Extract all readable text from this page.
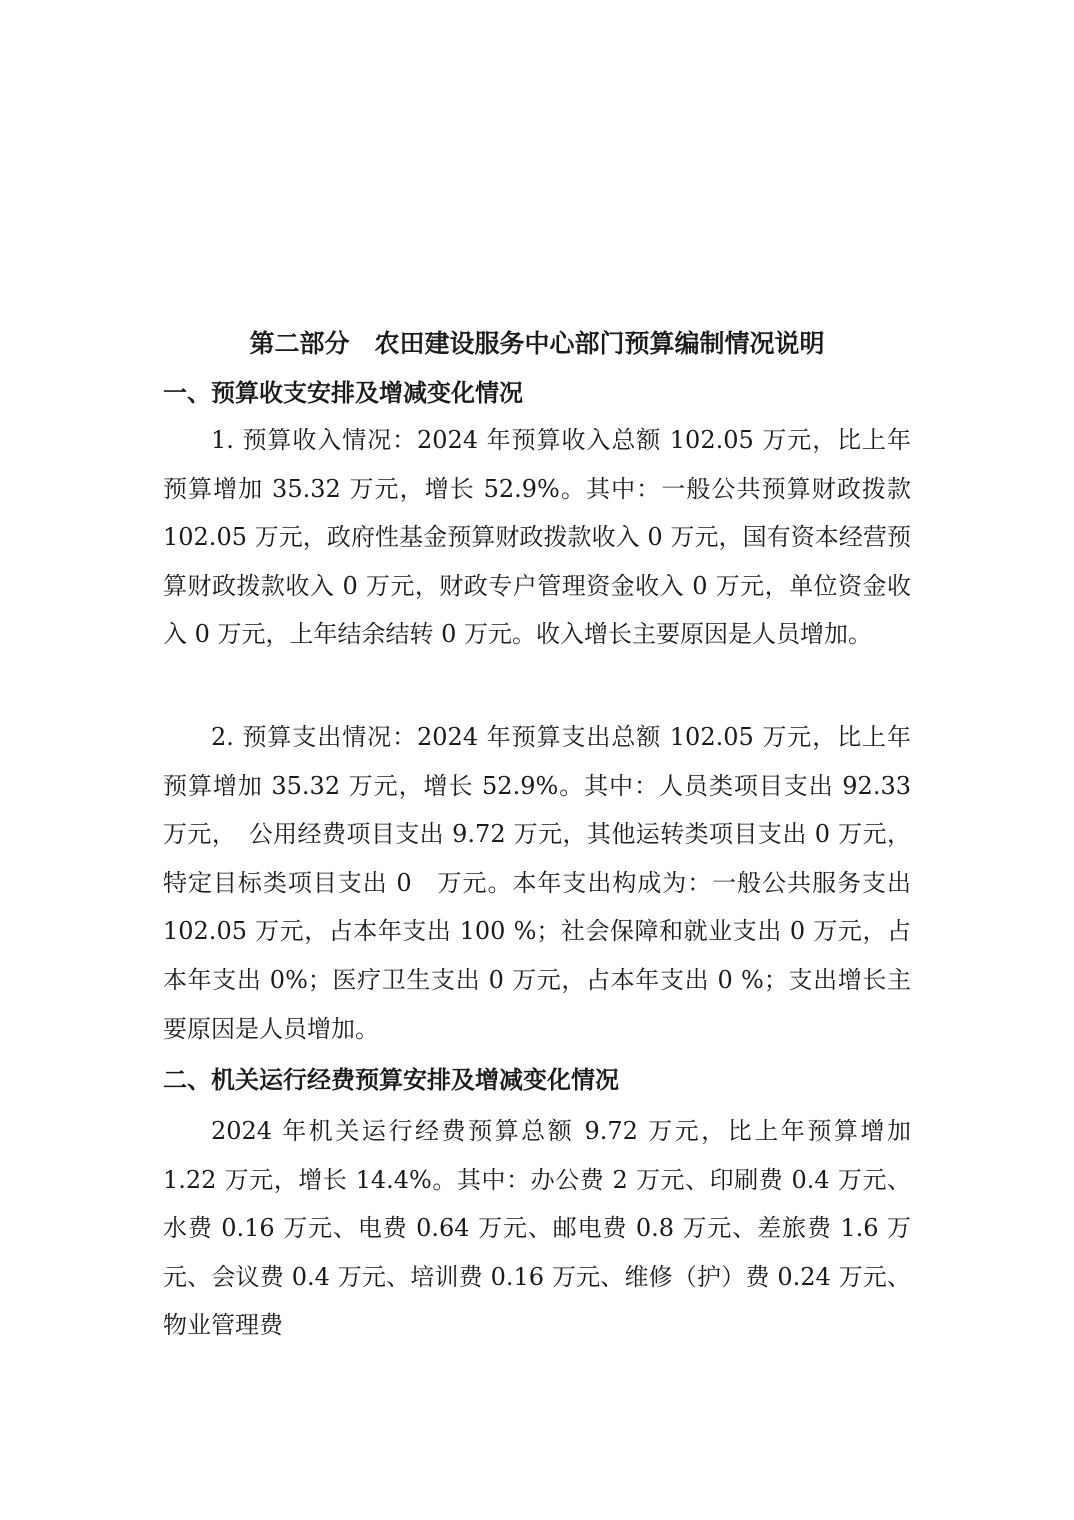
第二部分　农田建设服务中心部门预算编制情况说明
一、预算收支安排及增减变化情况

1. 预算收入情况：2024 年预算收入总额 102.05 万元，比上年预算增加 35.32 万元，增长 52.9%。其中：一般公共预算财政拨款 102.05 万元，政府性基金预算财政拨款收入 0 万元，国有资本经营预算财政拨款收入 0 万元，财政专户管理资金收入 0 万元，单位资金收入 0 万元，上年结余结转 0 万元。收入增长主要原因是人员增加。

2. 预算支出情况：2024 年预算支出总额 102.05 万元，比上年预算增加 35.32 万元，增长 52.9%。其中：人员类项目支出 92.33 万元，　公用经费项目支出 9.72 万元，其他运转类项目支出 0 万元，特定目标类项目支出 0　万元。本年支出构成为：一般公共服务支出 102.05 万元，占本年支出 100 %；社会保障和就业支出 0 万元，占本年支出 0%；医疗卫生支出 0 万元，占本年支出 0 %；支出增长主要原因是人员增加。

二、机关运行经费预算安排及增减变化情况

2024 年机关运行经费预算总额 9.72 万元，比上年预算增加 1.22 万元，增长 14.4%。其中：办公费 2 万元、印刷费 0.4 万元、水费 0.16 万元、电费 0.64 万元、邮电费 0.8 万元、差旅费 1.6 万元、会议费 0.4 万元、培训费 0.16 万元、维修（护）费 0.24 万元、物业管理费
